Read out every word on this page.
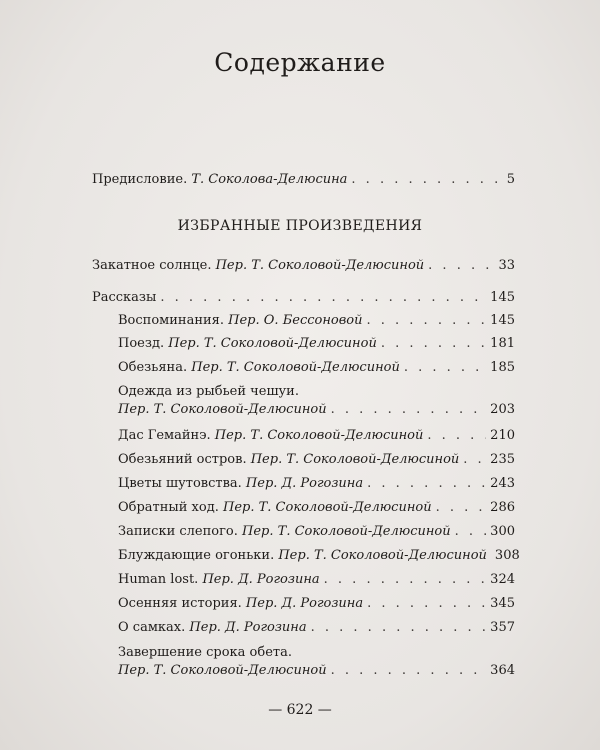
Содержание
Предисловие. Т. Соколова-Делюсина . . .	5
ИЗБРАННЫЕ ПРОИЗВЕДЕНИЯ
Закатное солнце. Пер. Т. Соколовой-Делюсиной . . .	33
Рассказы . . .	145
Воспоминания. Пер. О. Бессоновой . . .	145
Поезд. Пер. Т. Соколовой-Делюсиной . . .	181
Обезьяна. Пер. Т. Соколовой-Делюсиной . . .	185
Одежда из рыбьей чешуи.
Пер. Т. Соколовой-Делюсиной . . .	203
Дас Гемайнэ. Пер. Т. Соколовой-Делюсиной . . .	210
Обезьяний остров. Пер. Т. Соколовой-Делюсиной . . . 235
Цветы шутовства. Пер. Д. Рогозина . . .	243
Обратный ход. Пер. Т. Соколовой-Делюсиной . . .	286
Записки слепого. Пер. Т. Соколовой-Делюсиной . . .	300
Блуждающие огоньки. Пер. Т. Соколовой-Делюсиной 308
Human lost. Пер. Д. Рогозина . . .	324
Осенняя история. Пер. Д. Рогозина . . .	345
О самках. Пер. Д. Рогозина . . .	357
Завершение срока обета.
Пер. Т. Соколовой-Делюсиной . . .	364
— 622 —
